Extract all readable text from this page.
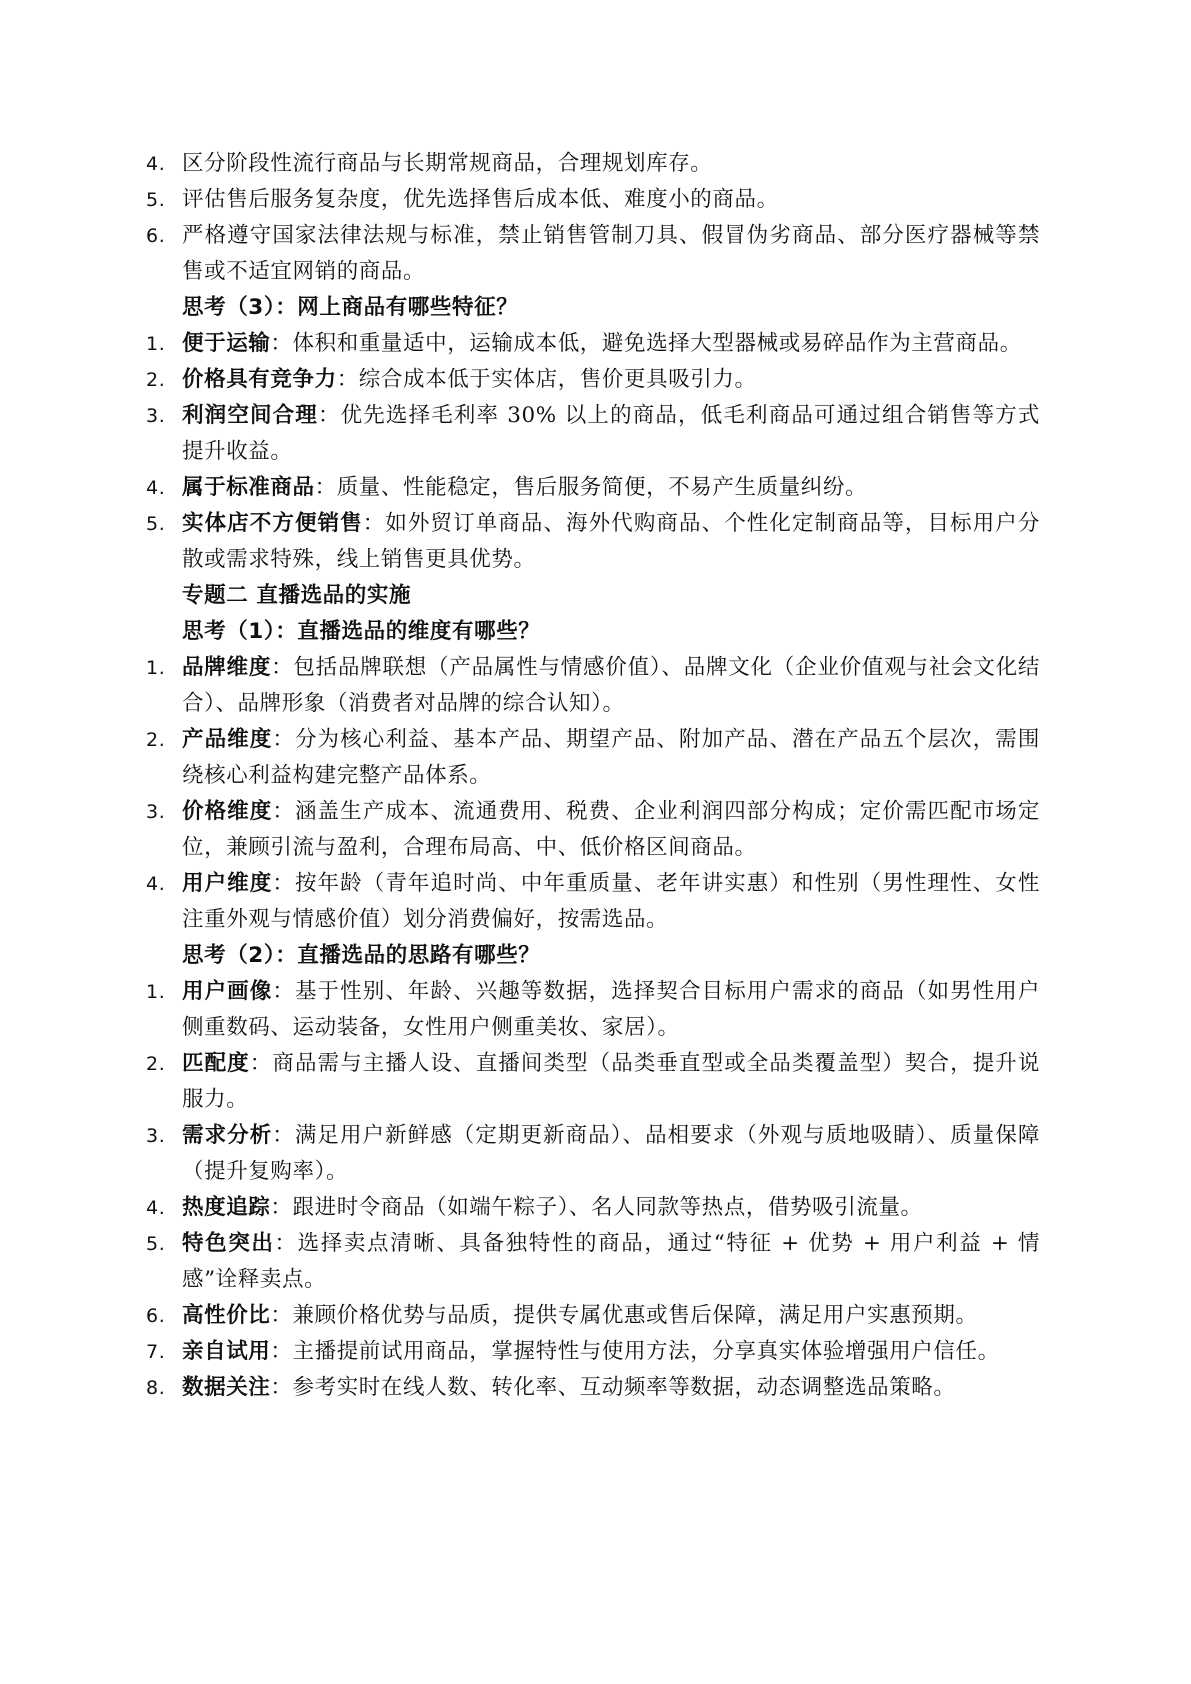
4. 区分阶段性流行商品与长期常规商品，合理规划库存。
5. 评估售后服务复杂度，优先选择售后成本低、难度小的商品。
6. 严格遵守国家法律法规与标准，禁止销售管制刀具、假冒伪劣商品、部分医疗器械等禁售或不适宜网销的商品。
思考（3）：网上商品有哪些特征？
1. 便于运输：体积和重量适中，运输成本低，避免选择大型器械或易碎品作为主营商品。
2. 价格具有竞争力：综合成本低于实体店，售价更具吸引力。
3. 利润空间合理：优先选择毛利率 30% 以上的商品，低毛利商品可通过组合销售等方式提升收益。
4. 属于标准商品：质量、性能稳定，售后服务简便，不易产生质量纠纷。
5. 实体店不方便销售：如外贸订单商品、海外代购商品、个性化定制商品等，目标用户分散或需求特殊，线上销售更具优势。
专题二 直播选品的实施
思考（1）：直播选品的维度有哪些？
1. 品牌维度：包括品牌联想（产品属性与情感价值）、品牌文化（企业价值观与社会文化结合）、品牌形象（消费者对品牌的综合认知）。
2. 产品维度：分为核心利益、基本产品、期望产品、附加产品、潜在产品五个层次，需围绕核心利益构建完整产品体系。
3. 价格维度：涵盖生产成本、流通费用、税费、企业利润四部分构成；定价需匹配市场定位，兼顾引流与盈利，合理布局高、中、低价格区间商品。
4. 用户维度：按年龄（青年追时尚、中年重质量、老年讲实惠）和性别（男性理性、女性注重外观与情感价值）划分消费偏好，按需选品。
思考（2）：直播选品的思路有哪些？
1. 用户画像：基于性别、年龄、兴趣等数据，选择契合目标用户需求的商品（如男性用户侧重数码、运动装备，女性用户侧重美妆、家居）。
2. 匹配度：商品需与主播人设、直播间类型（品类垂直型或全品类覆盖型）契合，提升说服力。
3. 需求分析：满足用户新鲜感（定期更新商品）、品相要求（外观与质地吸睛）、质量保障（提升复购率）。
4. 热度追踪：跟进时令商品（如端午粽子）、名人同款等热点，借势吸引流量。
5. 特色突出：选择卖点清晰、具备独特性的商品，通过“特征 + 优势 + 用户利益 + 情感”诠释卖点。
6. 高性价比：兼顾价格优势与品质，提供专属优惠或售后保障，满足用户实惠预期。
7. 亲自试用：主播提前试用商品，掌握特性与使用方法，分享真实体验增强用户信任。
8. 数据关注：参考实时在线人数、转化率、互动频率等数据，动态调整选品策略。
